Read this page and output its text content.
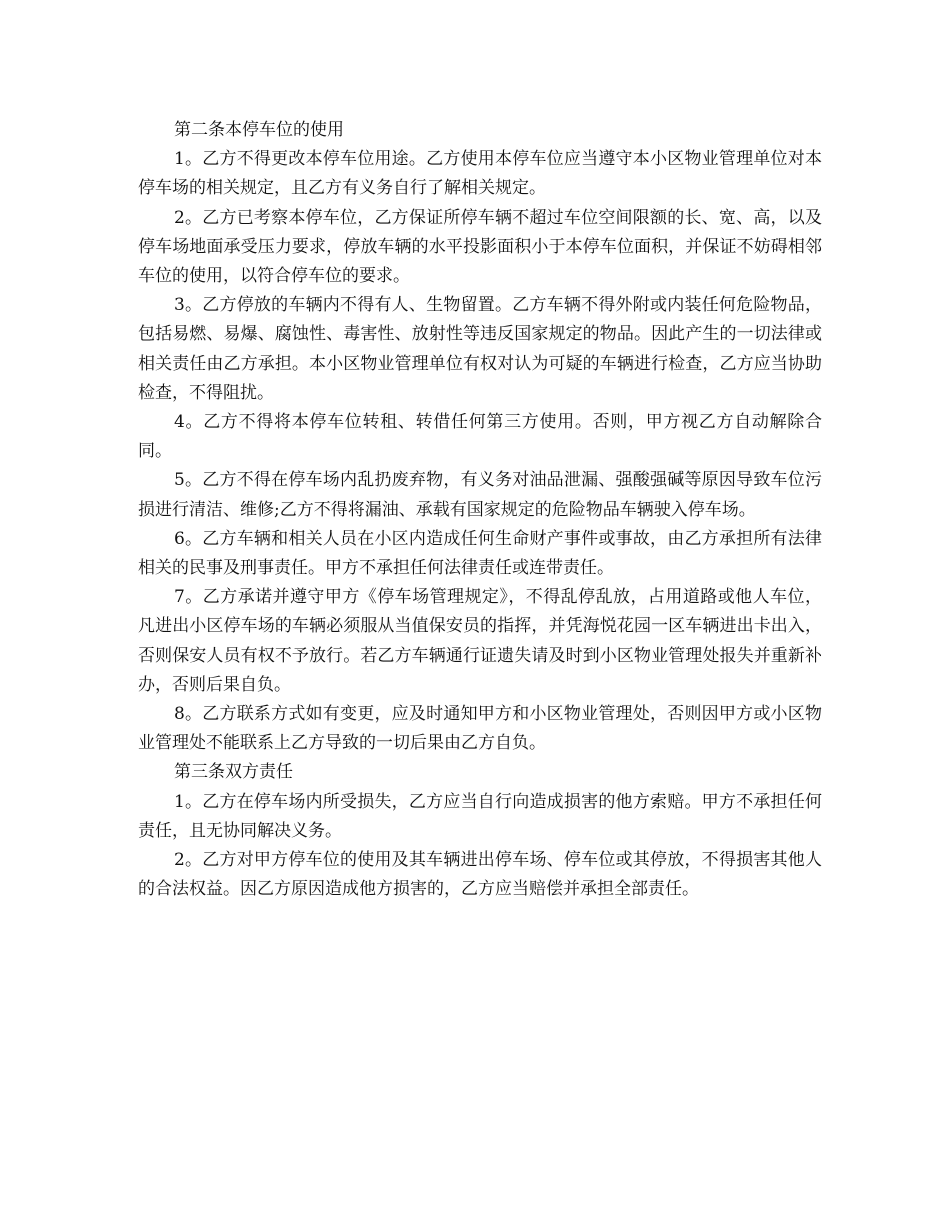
第二条本停车位的使用

1。乙方不得更改本停车位用途。乙方使用本停车位应当遵守本小区物业管理单位对本停车场的相关规定，且乙方有义务自行了解相关规定。

2。乙方已考察本停车位，乙方保证所停车辆不超过车位空间限额的长、宽、高，以及停车场地面承受压力要求，停放车辆的水平投影面积小于本停车位面积，并保证不妨碍相邻车位的使用，以符合停车位的要求。

3。乙方停放的车辆内不得有人、生物留置。乙方车辆不得外附或内装任何危险物品，包括易燃、易爆、腐蚀性、毒害性、放射性等违反国家规定的物品。因此产生的一切法律或相关责任由乙方承担。本小区物业管理单位有权对认为可疑的车辆进行检查，乙方应当协助检查，不得阻扰。

4。乙方不得将本停车位转租、转借任何第三方使用。否则，甲方视乙方自动解除合同。

5。乙方不得在停车场内乱扔废弃物，有义务对油品泄漏、强酸强碱等原因导致车位污损进行清洁、维修;乙方不得将漏油、承载有国家规定的危险物品车辆驶入停车场。

6。乙方车辆和相关人员在小区内造成任何生命财产事件或事故，由乙方承担所有法律相关的民事及刑事责任。甲方不承担任何法律责任或连带责任。

7。乙方承诺并遵守甲方《停车场管理规定》，不得乱停乱放，占用道路或他人车位，凡进出小区停车场的车辆必须服从当值保安员的指挥，并凭海悦花园一区车辆进出卡出入，否则保安人员有权不予放行。若乙方车辆通行证遗失请及时到小区物业管理处报失并重新补办，否则后果自负。

8。乙方联系方式如有变更，应及时通知甲方和小区物业管理处，否则因甲方或小区物业管理处不能联系上乙方导致的一切后果由乙方自负。

第三条双方责任

1。乙方在停车场内所受损失，乙方应当自行向造成损害的他方索赔。甲方不承担任何责任，且无协同解决义务。

2。乙方对甲方停车位的使用及其车辆进出停车场、停车位或其停放，不得损害其他人的合法权益。因乙方原因造成他方损害的，乙方应当赔偿并承担全部责任。
